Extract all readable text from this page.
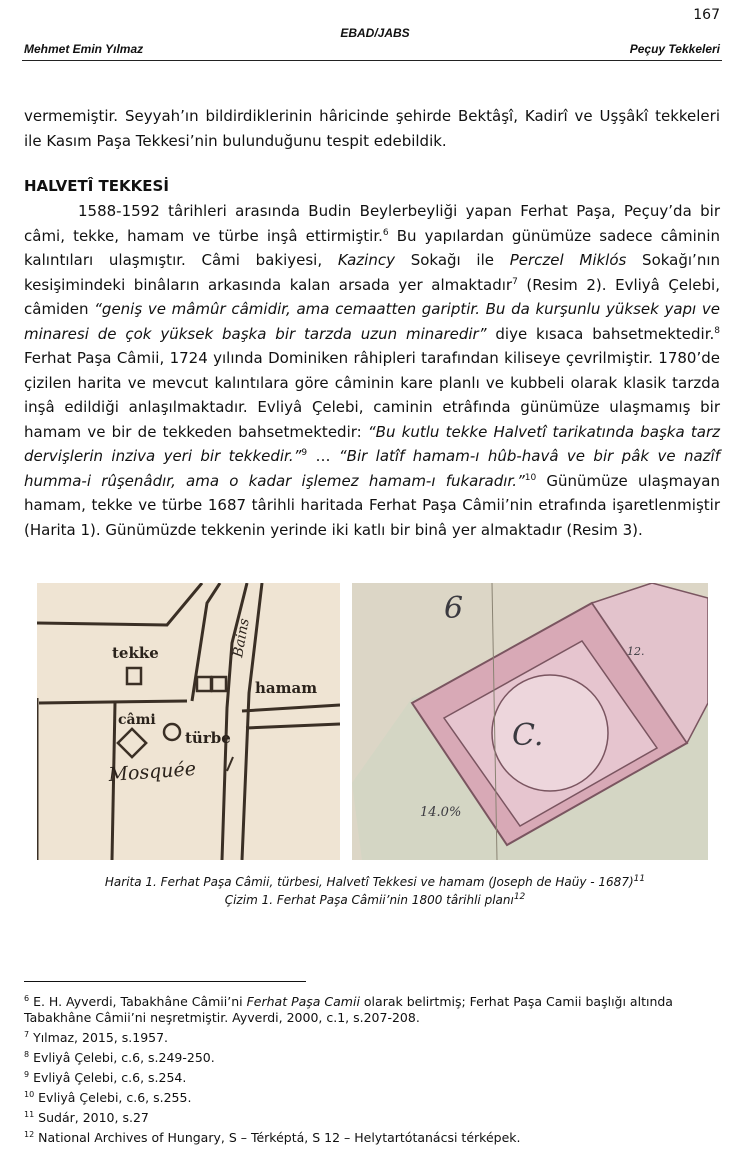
167
EBAD/JABS
Mehmet Emin Yılmaz	Peçuy Tekkeleri

vermemiştir. Seyyah’ın bildirdiklerinin hâricinde şehirde Bektâşî, Kadirî ve Uşşâkî tekkeleri ile Kasım Paşa Tekkesi’nin bulunduğunu tespit edebildik.

HALVETÎ TEKKESİ

1588-1592 târihleri arasında Budin Beylerbeyliği yapan Ferhat Paşa, Peçuy’da bir câmi, tekke, hamam ve türbe inşâ ettirmiştir.$^6$ Bu yapılardan günümüze sadece câminin kalıntıları ulaşmıştır. Câmi bakiyesi, Kazincy Sokağı ile Perczel Miklós Sokağı’nın kesişimindeki binâların arkasında kalan arsada yer almaktadır$^7$ (Resim 2). Evliyâ Çelebi, câmiden “geniş ve mâmûr câmidir, ama cemaatten gariptir. Bu da kurşunlu yüksek yapı ve minaresi de çok yüksek başka bir tarzda uzun minaredir” diye kısaca bahsetmektedir.$^8$ Ferhat Paşa Câmii, 1724 yılında Dominiken râhipleri tarafından kiliseye çevrilmiştir. 1780’de çizilen harita ve mevcut kalıntılara göre câminin kare planlı ve kubbeli olarak klasik tarzda inşâ edildiği anlaşılmaktadır. Evliyâ Çelebi, caminin etrâfında günümüze ulaşmamış bir hamam ve bir de tekkeden bahsetmektedir: “Bu kutlu tekke Halvetî tarikatında başka tarz dervişlerin inziva yeri bir tekkedir.”$^9$ … “Bir latîf hamam-ı hûb-havâ ve bir pâk ve nazîf humma-i rûşenâdır, ama o kadar işlemez hamam-ı fukaradır.”$^{10}$ Günümüze ulaşmayan hamam, tekke ve türbe 1687 târihli haritada Ferhat Paşa Câmii’nin etrafında işaretlenmiştir (Harita 1). Günümüzde tekkenin yerinde iki katlı bir binâ yer almaktadır (Resim 3).

tekke
hamam
câmi
türbe
Mosquée
Bains
6
C.
14.0%
12.
Harita 1. Ferhat Paşa Câmii, türbesi, Halvetî Tekkesi ve hamam (Joseph de Haüy - 1687)$^{11}$
Çizim 1. Ferhat Paşa Câmii’nin 1800 târihli planı$^{12}$
$^6$ E. H. Ayverdi, Tabakhâne Câmii’ni Ferhat Paşa Camii olarak belirtmiş; Ferhat Paşa Camii başlığı altında Tabakhâne Câmii’ni neşretmiştir. Ayverdi, 2000, c.1, s.207-208.
$^7$ Yılmaz, 2015, s.1957.
$^8$ Evliyâ Çelebi, c.6, s.249-250.
$^9$ Evliyâ Çelebi, c.6, s.254.
$^{10}$ Evliyâ Çelebi, c.6, s.255.
$^{11}$ Sudár, 2010, s.27
$^{12}$ National Archives of Hungary, S – Térképtá, S 12 – Helytartótanácsi térképek.
